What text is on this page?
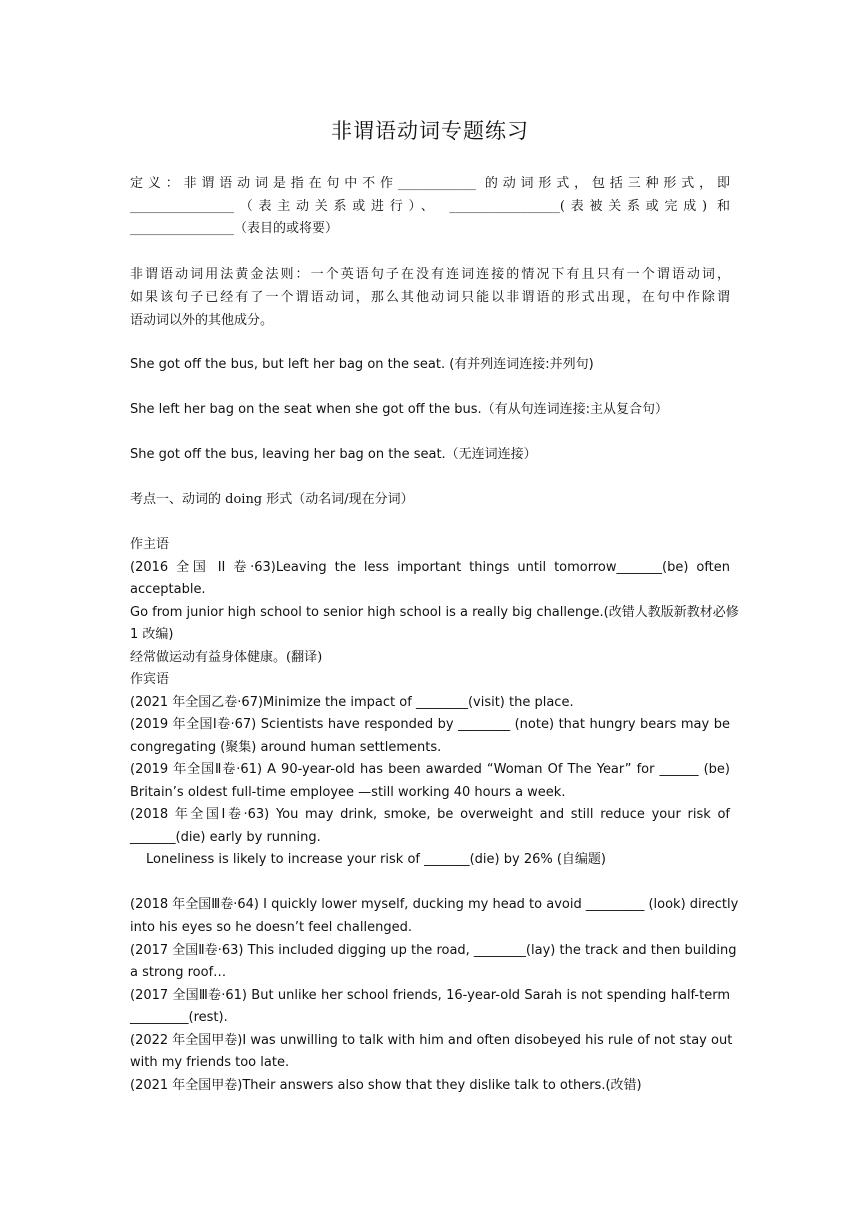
非谓语动词专题练习
定义：非谓语动词是指在句中不作____________ 的动词形式，包括三种形式，即
________________（表主动关系或进行）、 _________________(表被关系或完成) 和
________________（表目的或将要）
非谓语动词用法黄金法则：一个英语句子在没有连词连接的情况下有且只有一个谓语动词，
如果该句子已经有了一个谓语动词，那么其他动词只能以非谓语的形式出现，在句中作除谓
语动词以外的其他成分。
She got off the bus, but left her bag on the seat. (有并列连词连接:并列句)
She left her bag on the seat when she got off the bus.（有从句连词连接:主从复合句）
She got off the bus, leaving her bag on the seat.（无连词连接）
考点一、动词的 doing 形式（动名词/现在分词）
作主语
(2016 全国 II 卷·63)Leaving the less important things until tomorrow_______(be) often
acceptable.
Go from junior high school to senior high school is a really big challenge.(改错人教版新教材必修
1 改编)
经常做运动有益身体健康。(翻译)
作宾语
(2021 年全国乙卷·67)Minimize the impact of ________(visit) the place.
(2019 年全国Ⅰ卷·67) Scientists have responded by ________ (note) that hungry bears may be
congregating (聚集) around human settlements.
(2019 年全国Ⅱ卷·61) A 90-year-old has been awarded “Woman Of The Year” for ______ (be)
Britain’s oldest full-time employee —still working 40 hours a week.
(2018 年全国Ⅰ卷·63) You may drink, smoke, be overweight and still reduce your risk of
_______(die) early by running.
Loneliness is likely to increase your risk of _______(die) by 26% (自编题)
(2018 年全国Ⅲ卷·64) I quickly lower myself, ducking my head to avoid _________ (look) directly
into his eyes so he doesn’t feel challenged.
(2017 全国Ⅱ卷·63) This included digging up the road, ________(lay) the track and then building
a strong roof…
(2017 全国Ⅲ卷·61) But unlike her school friends, 16-year-old Sarah is not spending half-term
_________(rest).
(2022 年全国甲卷)I was unwilling to talk with him and often disobeyed his rule of not stay out
with my friends too late.
(2021 年全国甲卷)Their answers also show that they dislike talk to others.(改错)
